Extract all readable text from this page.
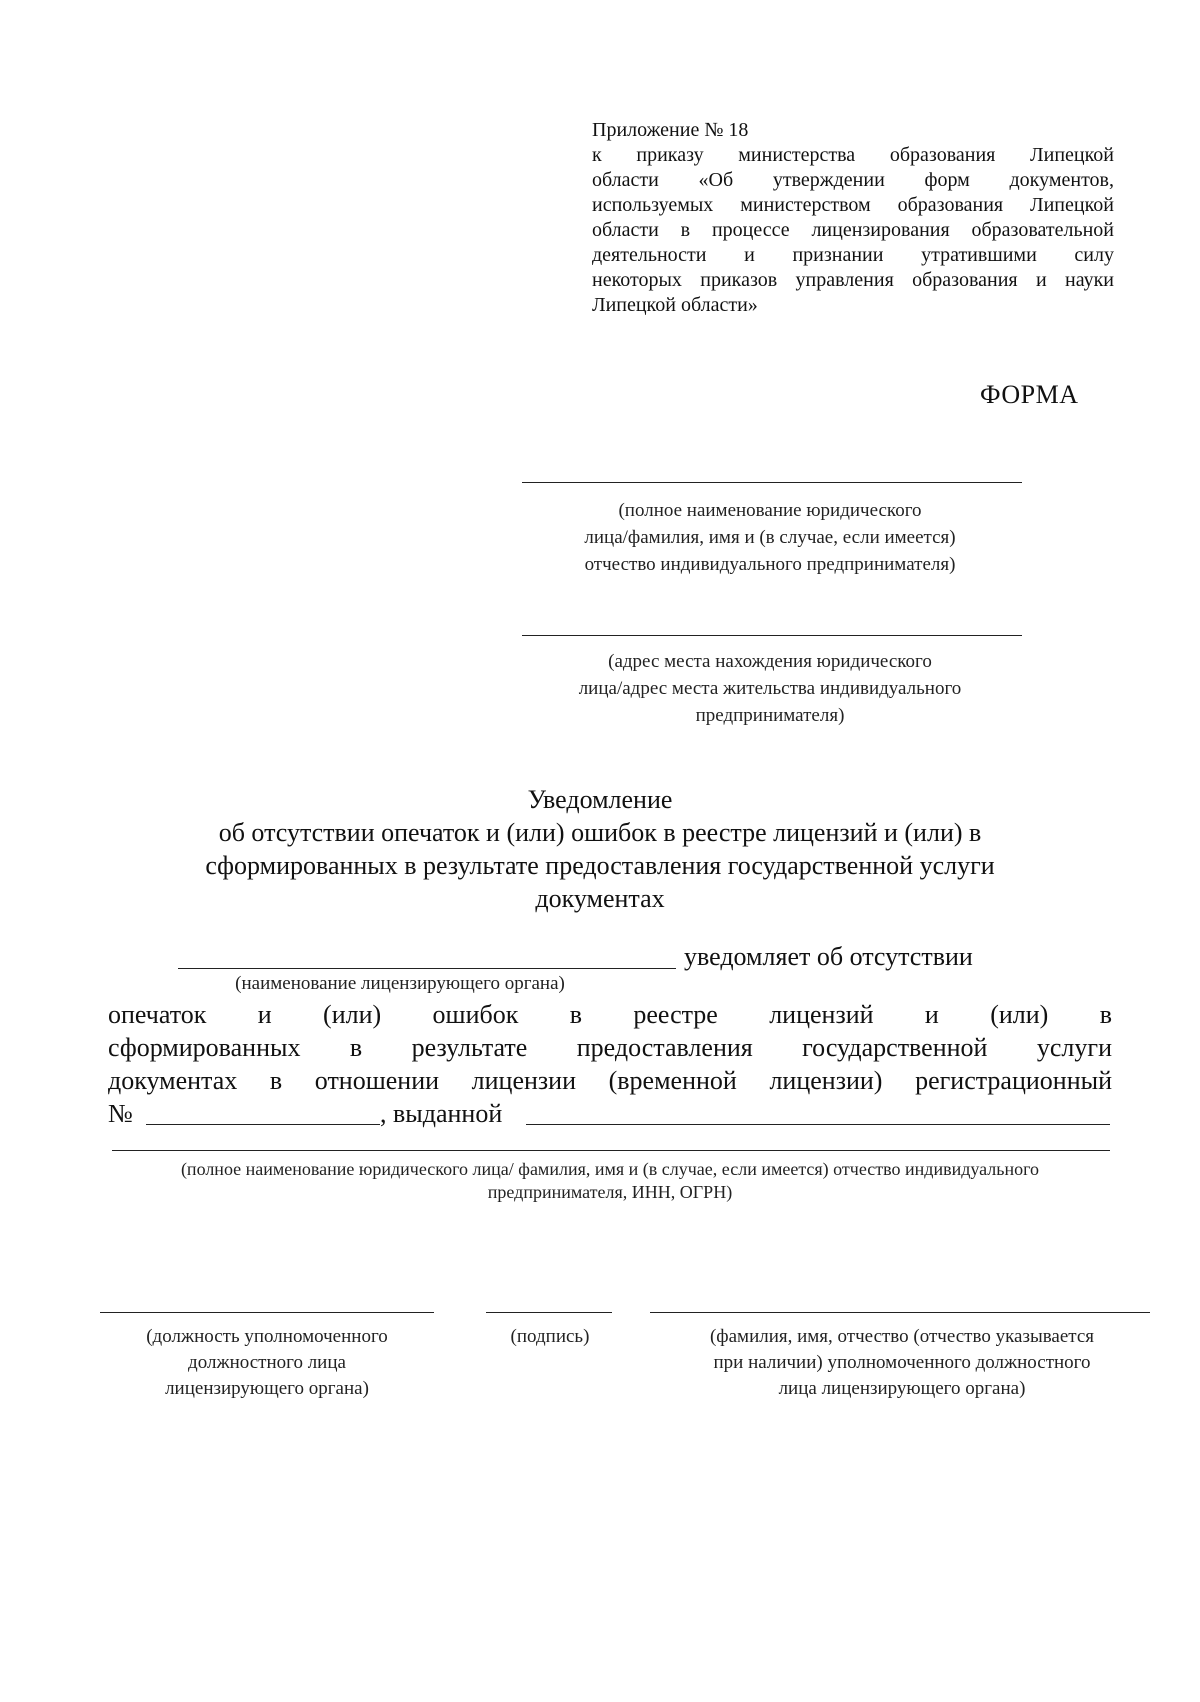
Приложение № 18
к приказу министерства образования Липецкой
области «Об утверждении форм документов,
используемых министерством образования Липецкой
области в процессе лицензирования образовательной
деятельности и признании утратившими силу
некоторых приказов управления образования и науки
Липецкой области»
ФОРМА
(полное наименование юридического
лица/фамилия, имя и (в случае, если имеется)
отчество индивидуального предпринимателя)
(адрес места нахождения юридического
лица/адрес места жительства индивидуального
предпринимателя)
Уведомление
об отсутствии опечаток и (или) ошибок в реестре лицензий и (или) в
сформированных в результате предоставления государственной услуги
документах
уведомляет об отсутствии
(наименование лицензирующего органа)
опечаток и (или) ошибок в реестре лицензий и (или) в
сформированных в результате предоставления государственной услуги
документах в отношении лицензии (временной лицензии) регистрационный
№	, выданной
(полное наименование юридического лица/ фамилия, имя и (в случае, если имеется) отчество индивидуального
предпринимателя, ИНН, ОГРН)
(должность уполномоченного
должностного лица
лицензирующего органа)
(подпись)	(фамилия, имя, отчество (отчество указывается
при наличии) уполномоченного должностного
лица лицензирующего органа)
